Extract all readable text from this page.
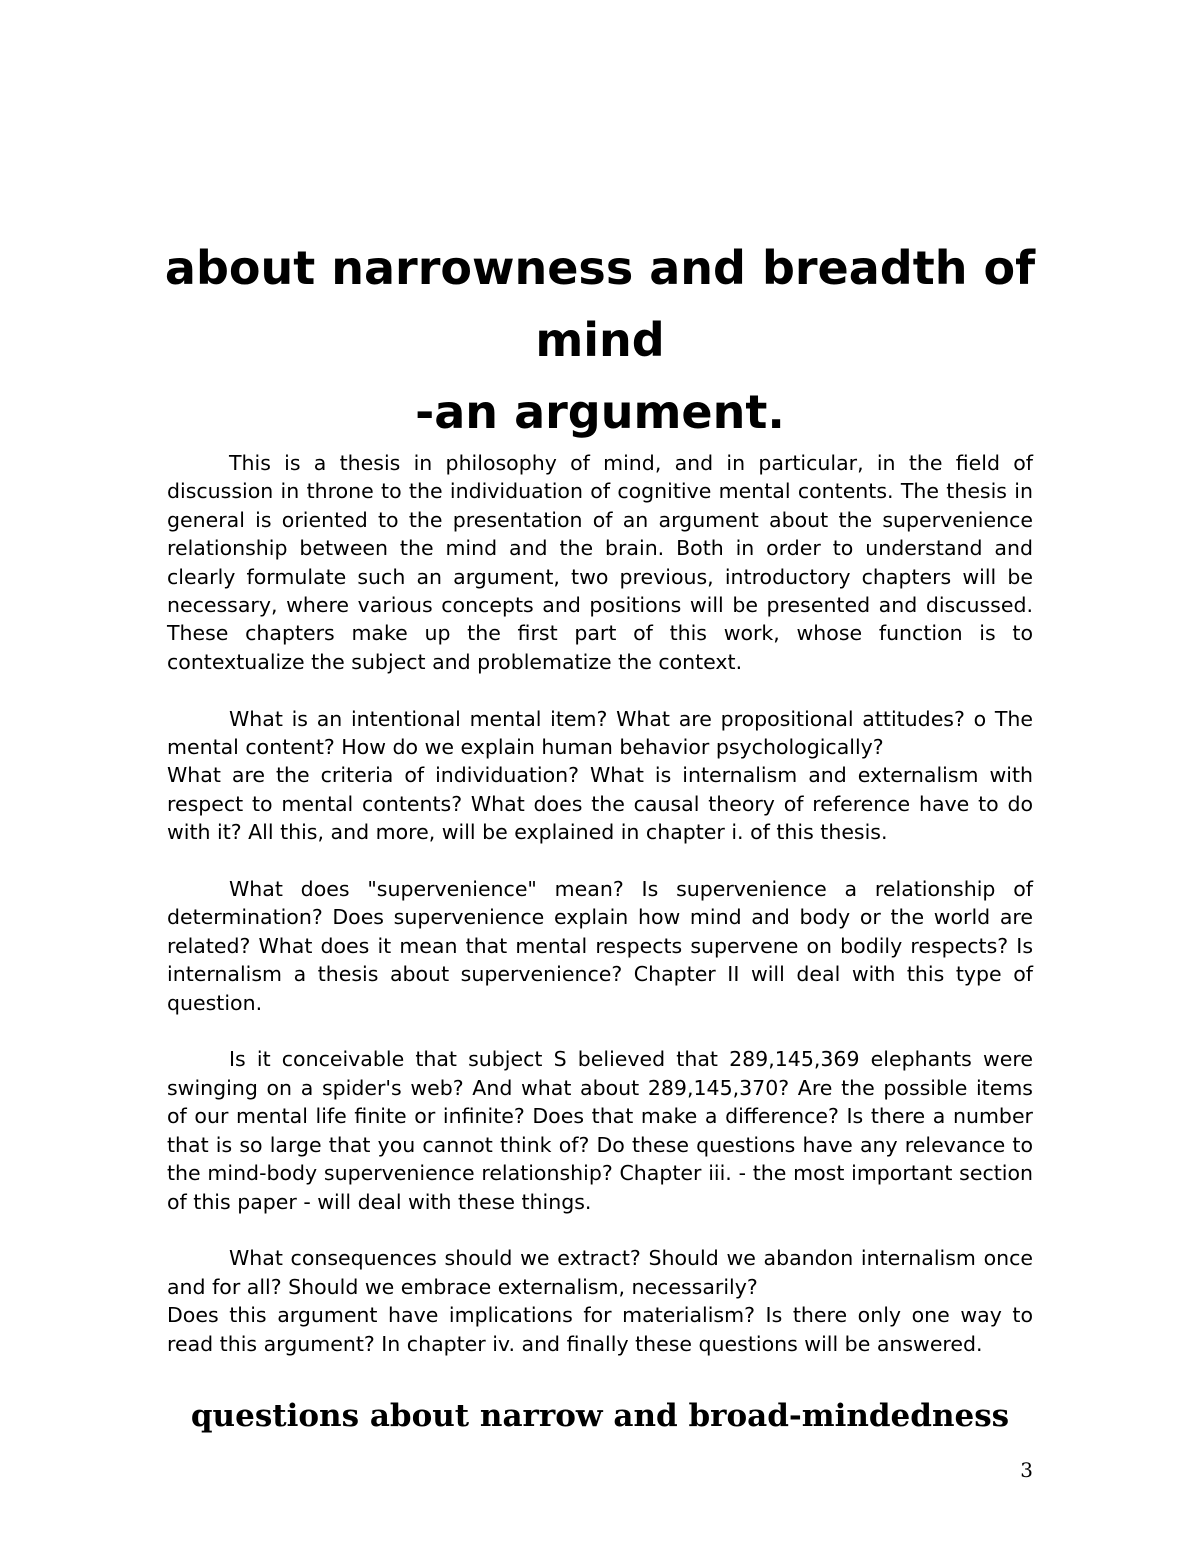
about narrowness and breadth of mind
-an argument.

This is a thesis in philosophy of mind, and in particular, in the field of discussion in throne to the individuation of cognitive mental contents. The thesis in general is oriented to the presentation of an argument about the supervenience relationship between the mind and the brain. Both in order to understand and clearly formulate such an argument, two previous, introductory chapters will be necessary, where various concepts and positions will be presented and discussed. These chapters make up the first part of this work, whose function is to contextualize the subject and problematize the context.

What is an intentional mental item? What are propositional attitudes? o The mental content? How do we explain human behavior psychologically?
What are the criteria of individuation? What is internalism and externalism with respect to mental contents? What does the causal theory of reference have to do with it? All this, and more, will be explained in chapter i. of this thesis.

What does "supervenience" mean? Is supervenience a relationship of determination? Does supervenience explain how mind and body or the world are related? What does it mean that mental respects supervene on bodily respects? Is internalism a thesis about supervenience? Chapter II will deal with this type of question.

Is it conceivable that subject S believed that 289,145,369 elephants were swinging on a spider's web? And what about 289,145,370? Are the possible items of our mental life finite or infinite? Does that make a difference? Is there a number that is so large that you cannot think of? Do these questions have any relevance to the mind-body supervenience relationship? Chapter iii. - the most important section of this paper - will deal with these things.

What consequences should we extract? Should we abandon internalism once and for all? Should we embrace externalism, necessarily?
Does this argument have implications for materialism? Is there only one way to read this argument? In chapter iv. and finally these questions will be answered.

questions about narrow and broad-mindedness
3
